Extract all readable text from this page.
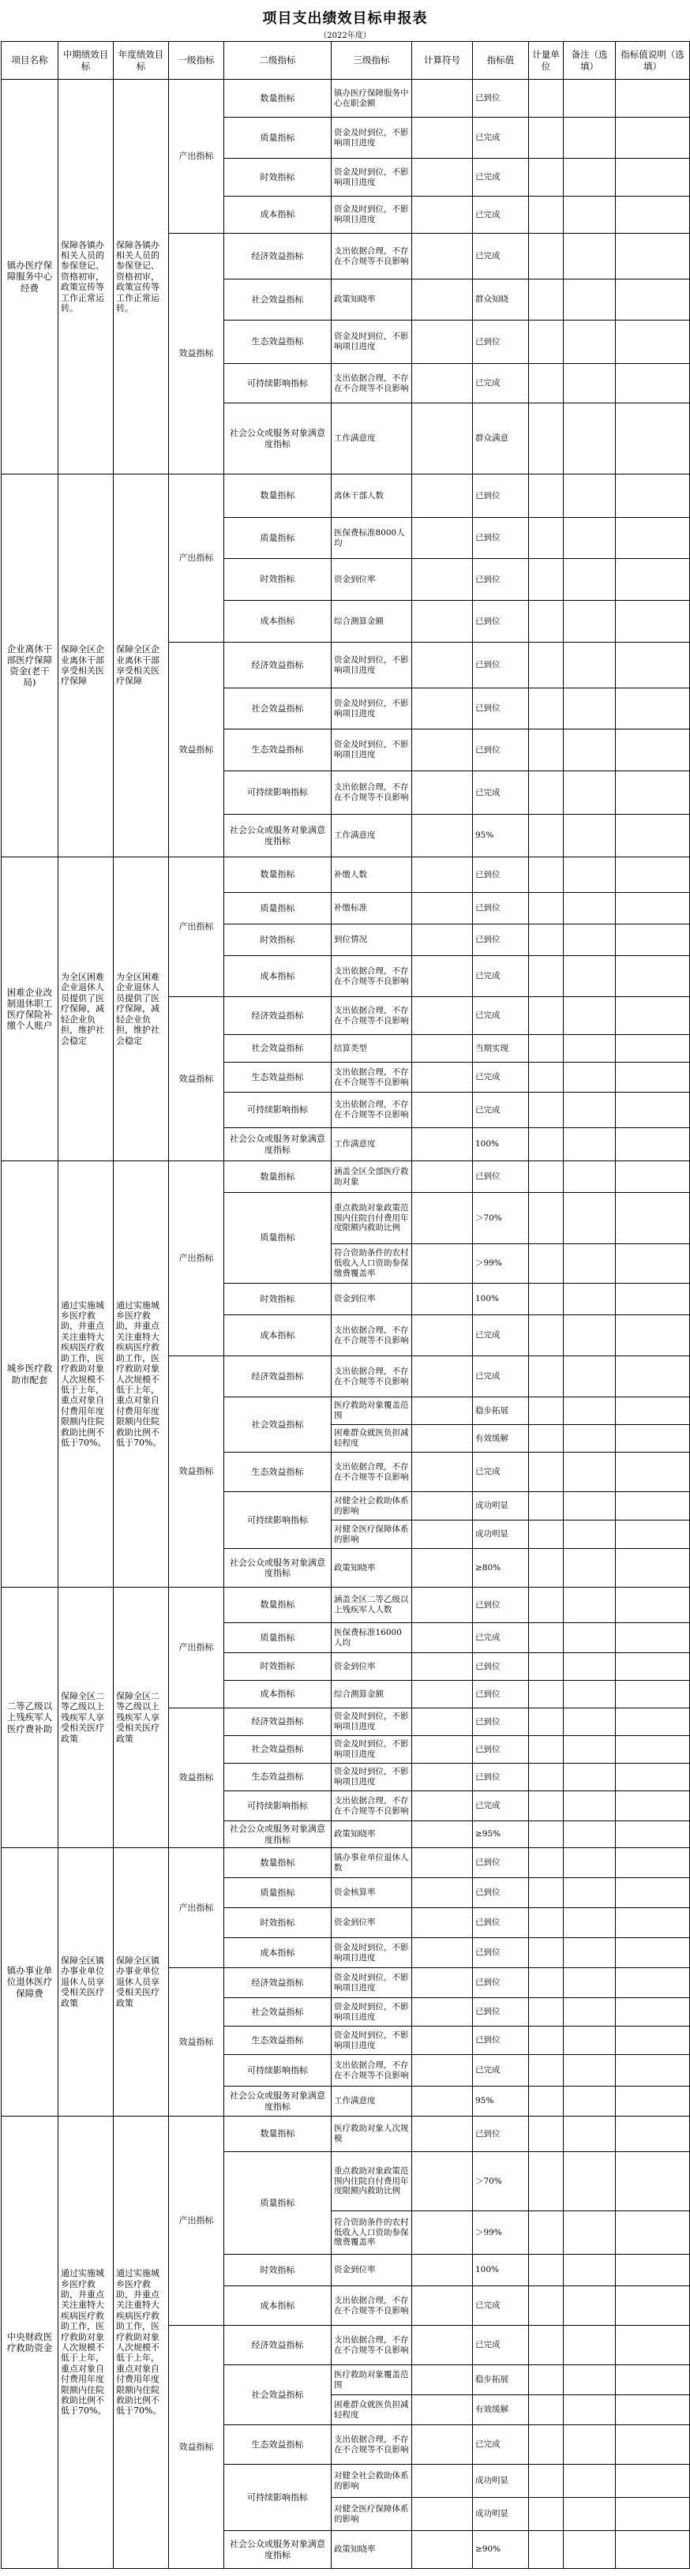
项目支出绩效目标申报表
（2022年度）
项目名称	中期绩效目标	年度绩效目标	一级指标	二级指标	三级指标	计算符号	指标值	计量单位	备注（选填）	指标值说明（选填）
镇办医疗保障服务中心经费	保障各镇办相关人员的参保登记、资格初审，政策宣传等工作正常运转。	保障各镇办相关人员的参保登记、资格初审，政策宣传等工作正常运转。	产出指标	数量指标	镇办医疗保障服务中心在职金额		已到位			
				质量指标	资金及时到位，不影响项目进度		已完成			
				时效指标	资金及时到位，不影响项目进度		已完成			
				成本指标	资金及时到位，不影响项目进度		已完成			
			效益指标	经济效益指标	支出依据合理，不存在不合规等不良影响		已完成			
				社会效益指标	政策知晓率		群众知晓			
				生态效益指标	资金及时到位，不影响项目进度		已到位			
				可持续影响指标	支出依据合理，不存在不合规等不良影响		已完成			
				社会公众或服务对象满意度指标	工作满意度		群众满意			
企业离休干部医疗保障资金(老干局)	保障全区企业离休干部享受相关医疗保障	保障全区企业离休干部享受相关医疗保障	产出指标	数量指标	离休干部人数		已到位			
				质量指标	医保费标准8000人均		已到位			
				时效指标	资金到位率		已到位			
				成本指标	综合测算金额		已到位			
			效益指标	经济效益指标	资金及时到位，不影响项目进度		已到位			
				社会效益指标	资金及时到位，不影响项目进度		已到位			
				生态效益指标	资金及时到位，不影响项目进度		已到位			
				可持续影响指标	支出依据合理，不存在不合规等不良影响		已完成			
				社会公众或服务对象满意度指标	工作满意度		95%			
困难企业改制退休职工医疗保险补缴个人账户	为全区困难企业退休人员提供了医疗保障，减轻企业负担，维护社会稳定	为全区困难企业退休人员提供了医疗保障，减轻企业负担，维护社会稳定	产出指标	数量指标	补缴人数		已到位			
				质量指标	补缴标准		已到位			
				时效指标	到位情况		已到位			
				成本指标	支出依据合理，不存在不合规等不良影响		已完成			
			效益指标	经济效益指标	支出依据合理，不存在不合规等不良影响		已完成			
				社会效益指标	结算类型		当期实现			
				生态效益指标	支出依据合理，不存在不合规等不良影响		已完成			
				可持续影响指标	支出依据合理，不存在不合规等不良影响		已完成			
				社会公众或服务对象满意度指标	工作满意度		100%			
城乡医疗救助市配套	通过实施城乡医疗救助，并重点关注重特大疾病医疗救助工作，医疗救助对象人次规模不低于上年，重点对象自付费用年度限额内住院救助比例不低于70%。	通过实施城乡医疗救助，并重点关注重特大疾病医疗救助工作，医疗救助对象人次规模不低于上年，重点对象自付费用年度限额内住院救助比例不低于70%。	产出指标	数量指标	涵盖全区全部医疗救助对象		已到位			
				质量指标	重点救助对象政策范围内住院自付费用年度限额内救助比例		＞70%			
					符合资助条件的农村低收入人口资助参保缴费覆盖率		＞99%			
				时效指标	资金到位率		100%			
				成本指标	支出依据合理，不存在不合规等不良影响		已完成			
			效益指标	经济效益指标	支出依据合理，不存在不合规等不良影响		已完成			
				社会效益指标	医疗救助对象覆盖范围		稳步拓展			
					困难群众就医负担减轻程度		有效缓解			
				生态效益指标	支出依据合理，不存在不合规等不良影响		已完成			
				可持续影响指标	对健全社会救助体系的影响		成功明显			
					对健全医疗保障体系的影响		成功明显			
				社会公众或服务对象满意度指标	政策知晓率		≥80%			
二等乙级以上残疾军人医疗费补助	保障全区二等乙级以上残疾军人享受相关医疗政策	保障全区二等乙级以上残疾军人享受相关医疗政策	产出指标	数量指标	涵盖全区二等乙级以上残疾军人人数		已到位			
				质量指标	医保费标准16000人均		已完成			
				时效指标	资金到位率		已到位			
				成本指标	综合测算金额		已到位			
			效益指标	经济效益指标	资金及时到位，不影响项目进度		已到位			
				社会效益指标	资金及时到位，不影响项目进度		已到位			
				生态效益指标	资金及时到位，不影响项目进度		已到位			
				可持续影响指标	支出依据合理，不存在不合规等不良影响		已完成			
				社会公众或服务对象满意度指标	政策知晓率		≥95%			
镇办事业单位退休医疗保障费	保障全区镇办事业单位退休人员享受相关医疗政策	保障全区镇办事业单位退休人员享受相关医疗政策	产出指标	数量指标	镇办事业单位退休人数		已到位			
				质量指标	资金核算率		已到位			
				时效指标	资金到位率		已到位			
				成本指标	资金及时到位，不影响项目进度		已到位			
			效益指标	经济效益指标	资金及时到位，不影响项目进度		已到位			
				社会效益指标	资金及时到位，不影响项目进度		已到位			
				生态效益指标	资金及时到位，不影响项目进度		已到位			
				可持续影响指标	支出依据合理，不存在不合规等不良影响		已完成			
				社会公众或服务对象满意度指标	工作满意度		95%			
中央财政医疗救助资金	通过实施城乡医疗救助，并重点关注重特大疾病医疗救助工作，医疗救助对象人次规模不低于上年，重点对象自付费用年度限额内住院救助比例不低于70%。	通过实施城乡医疗救助，并重点关注重特大疾病医疗救助工作，医疗救助对象人次规模不低于上年，重点对象自付费用年度限额内住院救助比例不低于70%。	产出指标	数量指标	医疗救助对象人次规模		已到位			
				质量指标	重点救助对象政策范围内住院自付费用年度限额内救助比例		＞70%			
					符合资助条件的农村低收入人口资助参保缴费覆盖率		＞99%			
				时效指标	资金到位率		100%			
				成本指标	支出依据合理，不存在不合规等不良影响		已完成			
			效益指标	经济效益指标	支出依据合理，不存在不合规等不良影响		已完成			
				社会效益指标	医疗救助对象覆盖范围		稳步拓展			
					困难群众就医负担减轻程度		有效缓解			
				生态效益指标	支出依据合理，不存在不合规等不良影响		已完成			
				可持续影响指标	对健全社会救助体系的影响		成功明显			
					对健全医疗保障体系的影响		成功明显			
				社会公众或服务对象满意度指标	政策知晓率		≥90%			
